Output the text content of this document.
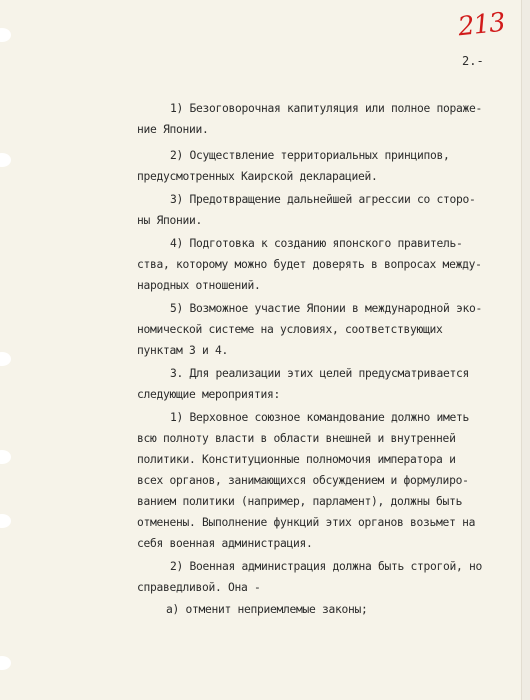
213
2.-

1) Безоговорочная капитуляция или полное пораже-

ние Японии.

2) Осуществление территориальных принципов,

предусмотренных Каирской декларацией.

3) Предотвращение дальнейшей агрессии со сторо-

ны Японии.

4) Подготовка к созданию японского правитель-

ства, которому можно будет доверять в вопросах между-

народных отношений.

5) Возможное участие Японии в международной эко-

номической системе на условиях, соответствующих

пунктам 3 и 4.

3. Для реализации этих целей предусматривается

следующие мероприятия:

1) Верховное союзное командование должно иметь

всю полноту власти в области внешней и внутренней

политики. Конституционные полномочия императора и

всех органов, занимающихся обсуждением и формулиро-

ванием политики (например, парламент), должны быть

отменены. Выполнение функций этих органов возьмет на

себя военная администрация.

2) Военная администрация должна быть строгой, но

справедливой. Она -

а) отменит неприемлемые законы;
